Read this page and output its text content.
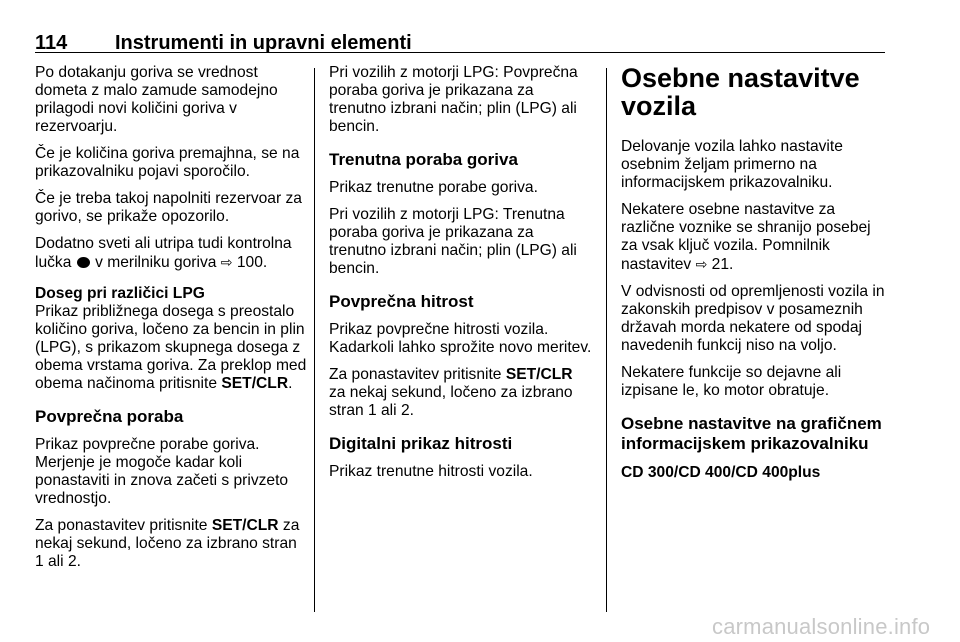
114 Instrumenti in upravni elementi

Po dotakanju goriva se vrednost dometa z malo zamude samodejno prilagodi novi količini goriva v rezervoarju.

Če je količina goriva premajhna, se na prikazovalniku pojavi sporočilo.

Če je treba takoj napolniti rezervoar za gorivo, se prikaže opozorilo.

Dodatno sveti ali utripa tudi kontrolna lučka v merilniku goriva ⇨ 100.

Doseg pri različici LPG

Prikaz približnega dosega s preostalo količino goriva, ločeno za bencin in plin (LPG), s prikazom skupnega dosega z obema vrstama goriva. Za preklop med obema načinoma pritisnite SET/CLR.

Povprečna poraba

Prikaz povprečne porabe goriva. Merjenje je mogoče kadar koli ponastaviti in znova začeti s privzeto vrednostjo.

Za ponastavitev pritisnite SET/CLR za nekaj sekund, ločeno za izbrano stran 1 ali 2.

Pri vozilih z motorji LPG: Povprečna poraba goriva je prikazana za trenutno izbrani način; plin (LPG) ali bencin.

Trenutna poraba goriva

Prikaz trenutne porabe goriva.

Pri vozilih z motorji LPG: Trenutna poraba goriva je prikazana za trenutno izbrani način; plin (LPG) ali bencin.

Povprečna hitrost

Prikaz povprečne hitrosti vozila. Kadarkoli lahko sprožite novo meritev.

Za ponastavitev pritisnite SET/CLR za nekaj sekund, ločeno za izbrano stran 1 ali 2.

Digitalni prikaz hitrosti

Prikaz trenutne hitrosti vozila.

Osebne nastavitve vozila

Delovanje vozila lahko nastavite osebnim željam primerno na informacijskem prikazovalniku.

Nekatere osebne nastavitve za različne voznike se shranijo posebej za vsak ključ vozila. Pomnilnik nastavitev ⇨ 21.

V odvisnosti od opremljenosti vozila in zakonskih predpisov v posameznih državah morda nekatere od spodaj navedenih funkcij niso na voljo.

Nekatere funkcije so dejavne ali izpisane le, ko motor obratuje.

Osebne nastavitve na grafičnem informacijskem prikazovalniku
CD 300/CD 400/CD 400plus
carmanualsonline.info
